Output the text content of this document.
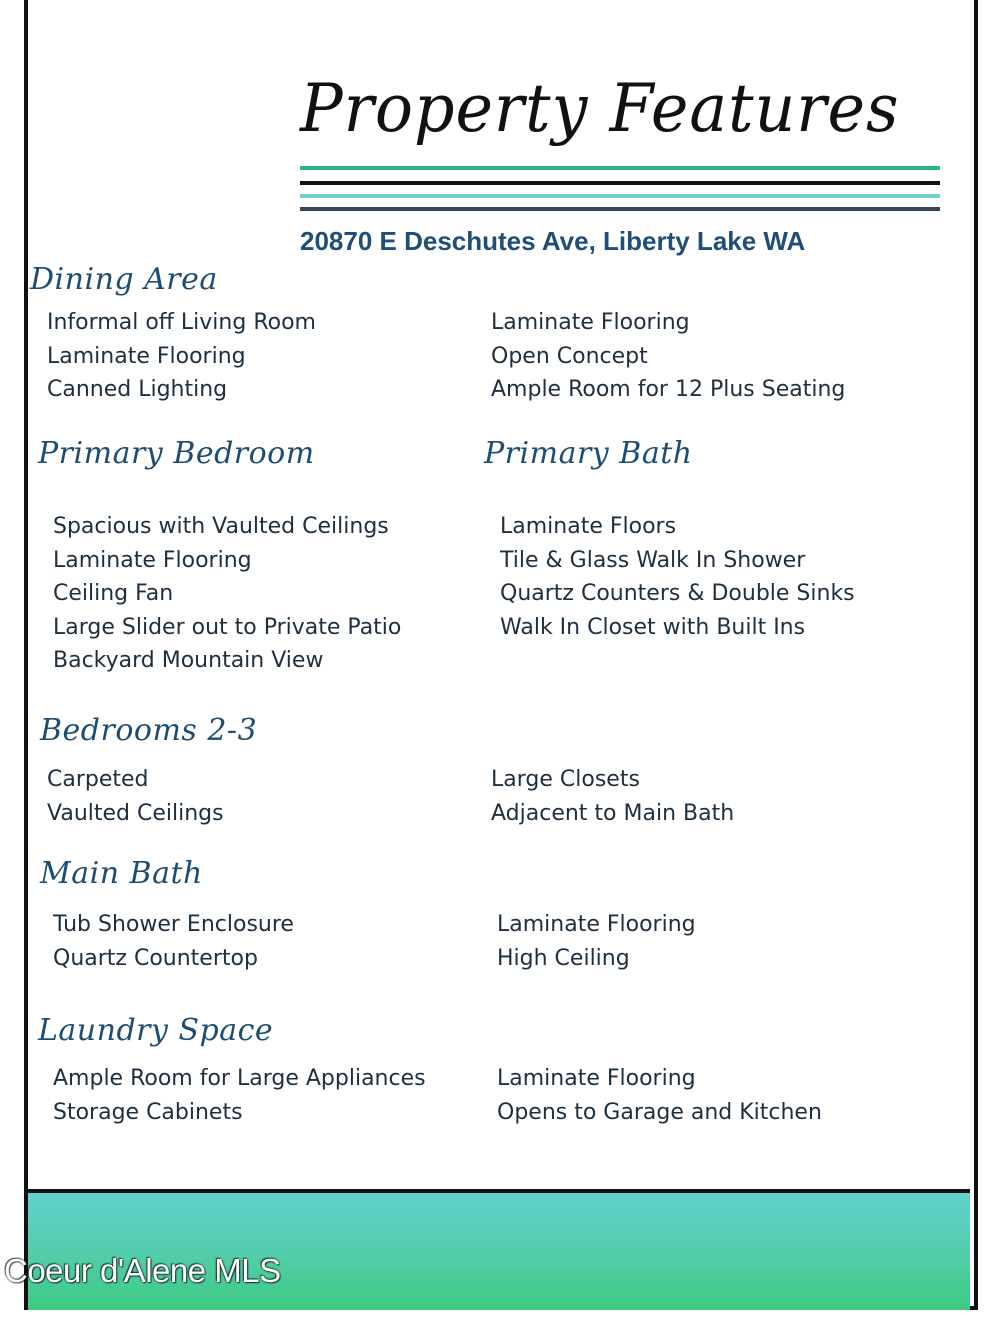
Property Features
20870 E Deschutes Ave, Liberty Lake WA
Dining Area
Informal off Living Room
Laminate Flooring
Canned Lighting
Laminate Flooring
Open Concept
Ample Room for 12 Plus Seating
Primary Bedroom	Primary Bath
Spacious with Vaulted Ceilings
Laminate Flooring
Ceiling Fan
Large Slider out to Private Patio
Backyard Mountain View
Laminate Floors
Tile & Glass Walk In Shower
Quartz Counters & Double Sinks
Walk In Closet with Built Ins
Bedrooms 2-3
Carpeted
Vaulted Ceilings
Large Closets
Adjacent to Main Bath
Main Bath
Tub Shower Enclosure
Quartz Countertop
Laminate Flooring
High Ceiling
Laundry Space
Ample Room for Large Appliances
Storage Cabinets
Laminate Flooring
Opens to Garage and Kitchen
Coeur d'Alene MLS
